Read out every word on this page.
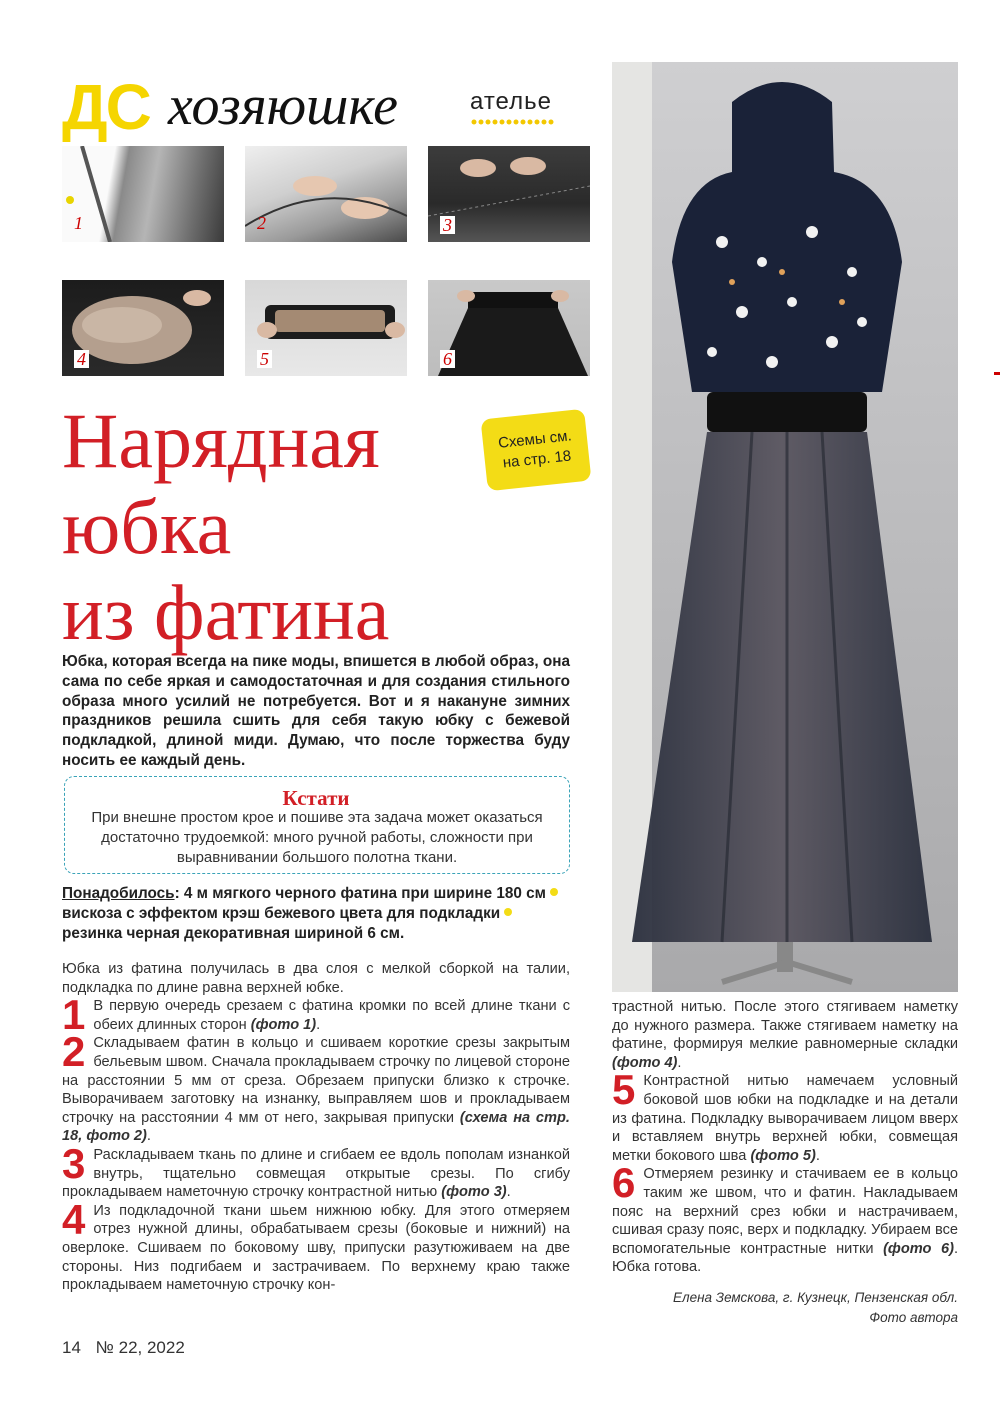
ДС хозяюшке	ателье
1	2	3
4	5	6
Нарядная
юбка
из фатина
Схемы см.
на стр. 18
Юбка, которая всегда на пике моды, впишется в любой образ, она сама по себе яркая и самодостаточная и для создания стильного образа много усилий не потребуется. Вот и я накануне зимних праздников решила сшить для себя такую юбку с бежевой подкладкой, длиной миди. Думаю, что после торжества буду носить ее каждый день.
Кстати
При внешне простом крое и пошиве эта задача может оказаться достаточно трудоемкой: много ручной работы, сложности при выравнивании большого полотна ткани.
Понадобилось: 4 м мягкого черного фатина при ширине 180 смвискоза с эффектом крэш бежевого цвета для подкладкирезинка черная декоративная шириной 6 см.
Юбка из фатина получилась в два слоя с мелкой сборкой на талии, подкладка по длине равна верхней юбке.
1 В первую очередь срезаем с фатина кромки по всей длине ткани с обеих длинных сторон (фото 1).
2 Складываем фатин в кольцо и сшиваем короткие срезы закрытым бельевым швом. Сначала прокладываем строчку по лицевой стороне на расстоянии 5 мм от среза. Обрезаем припуски близко к строчке. Выворачиваем заготовку на изнанку, выправляем шов и прокладываем строчку на расстоянии 4 мм от него, закрывая припуски (схема на стр. 18, фото 2).
3 Раскладываем ткань по длине и сгибаем ее вдоль пополам изнанкой внутрь, тщательно совмещая открытые срезы. По сгибу прокладываем наметочную строчку контрастной нитью (фото 3).
4 Из подкладочной ткани шьем нижнюю юбку. Для этого отмеряем отрез нужной длины, обрабатываем срезы (боковые и нижний) на оверлоке. Сшиваем по боковому шву, припуски разутюживаем на две стороны. Низ подгибаем и застрачиваем. По верхнему краю также прокладываем наметочную строчку кон-
трастной нитью. После этого стягиваем наметку до нужного размера. Также стягиваем наметку на фатине, формируя мелкие равномерные складки (фото 4).
5 Контрастной нитью намечаем условный боковой шов юбки на подкладке и на детали из фатина. Подкладку выворачиваем лицом вверх и вставляем внутрь верхней юбки, совмещая метки бокового шва (фото 5).
6 Отмеряем резинку и стачиваем ее в кольцо таким же швом, что и фатин. Накладываем пояс на верхний срез юбки и настрачиваем, сшивая сразу пояс, верх и подкладку. Убираем все вспомогательные контрастные нитки (фото 6). Юбка готова.
Елена Земскова, г. Кузнецк, Пензенская обл.
Фото автора
14 № 22, 2022
